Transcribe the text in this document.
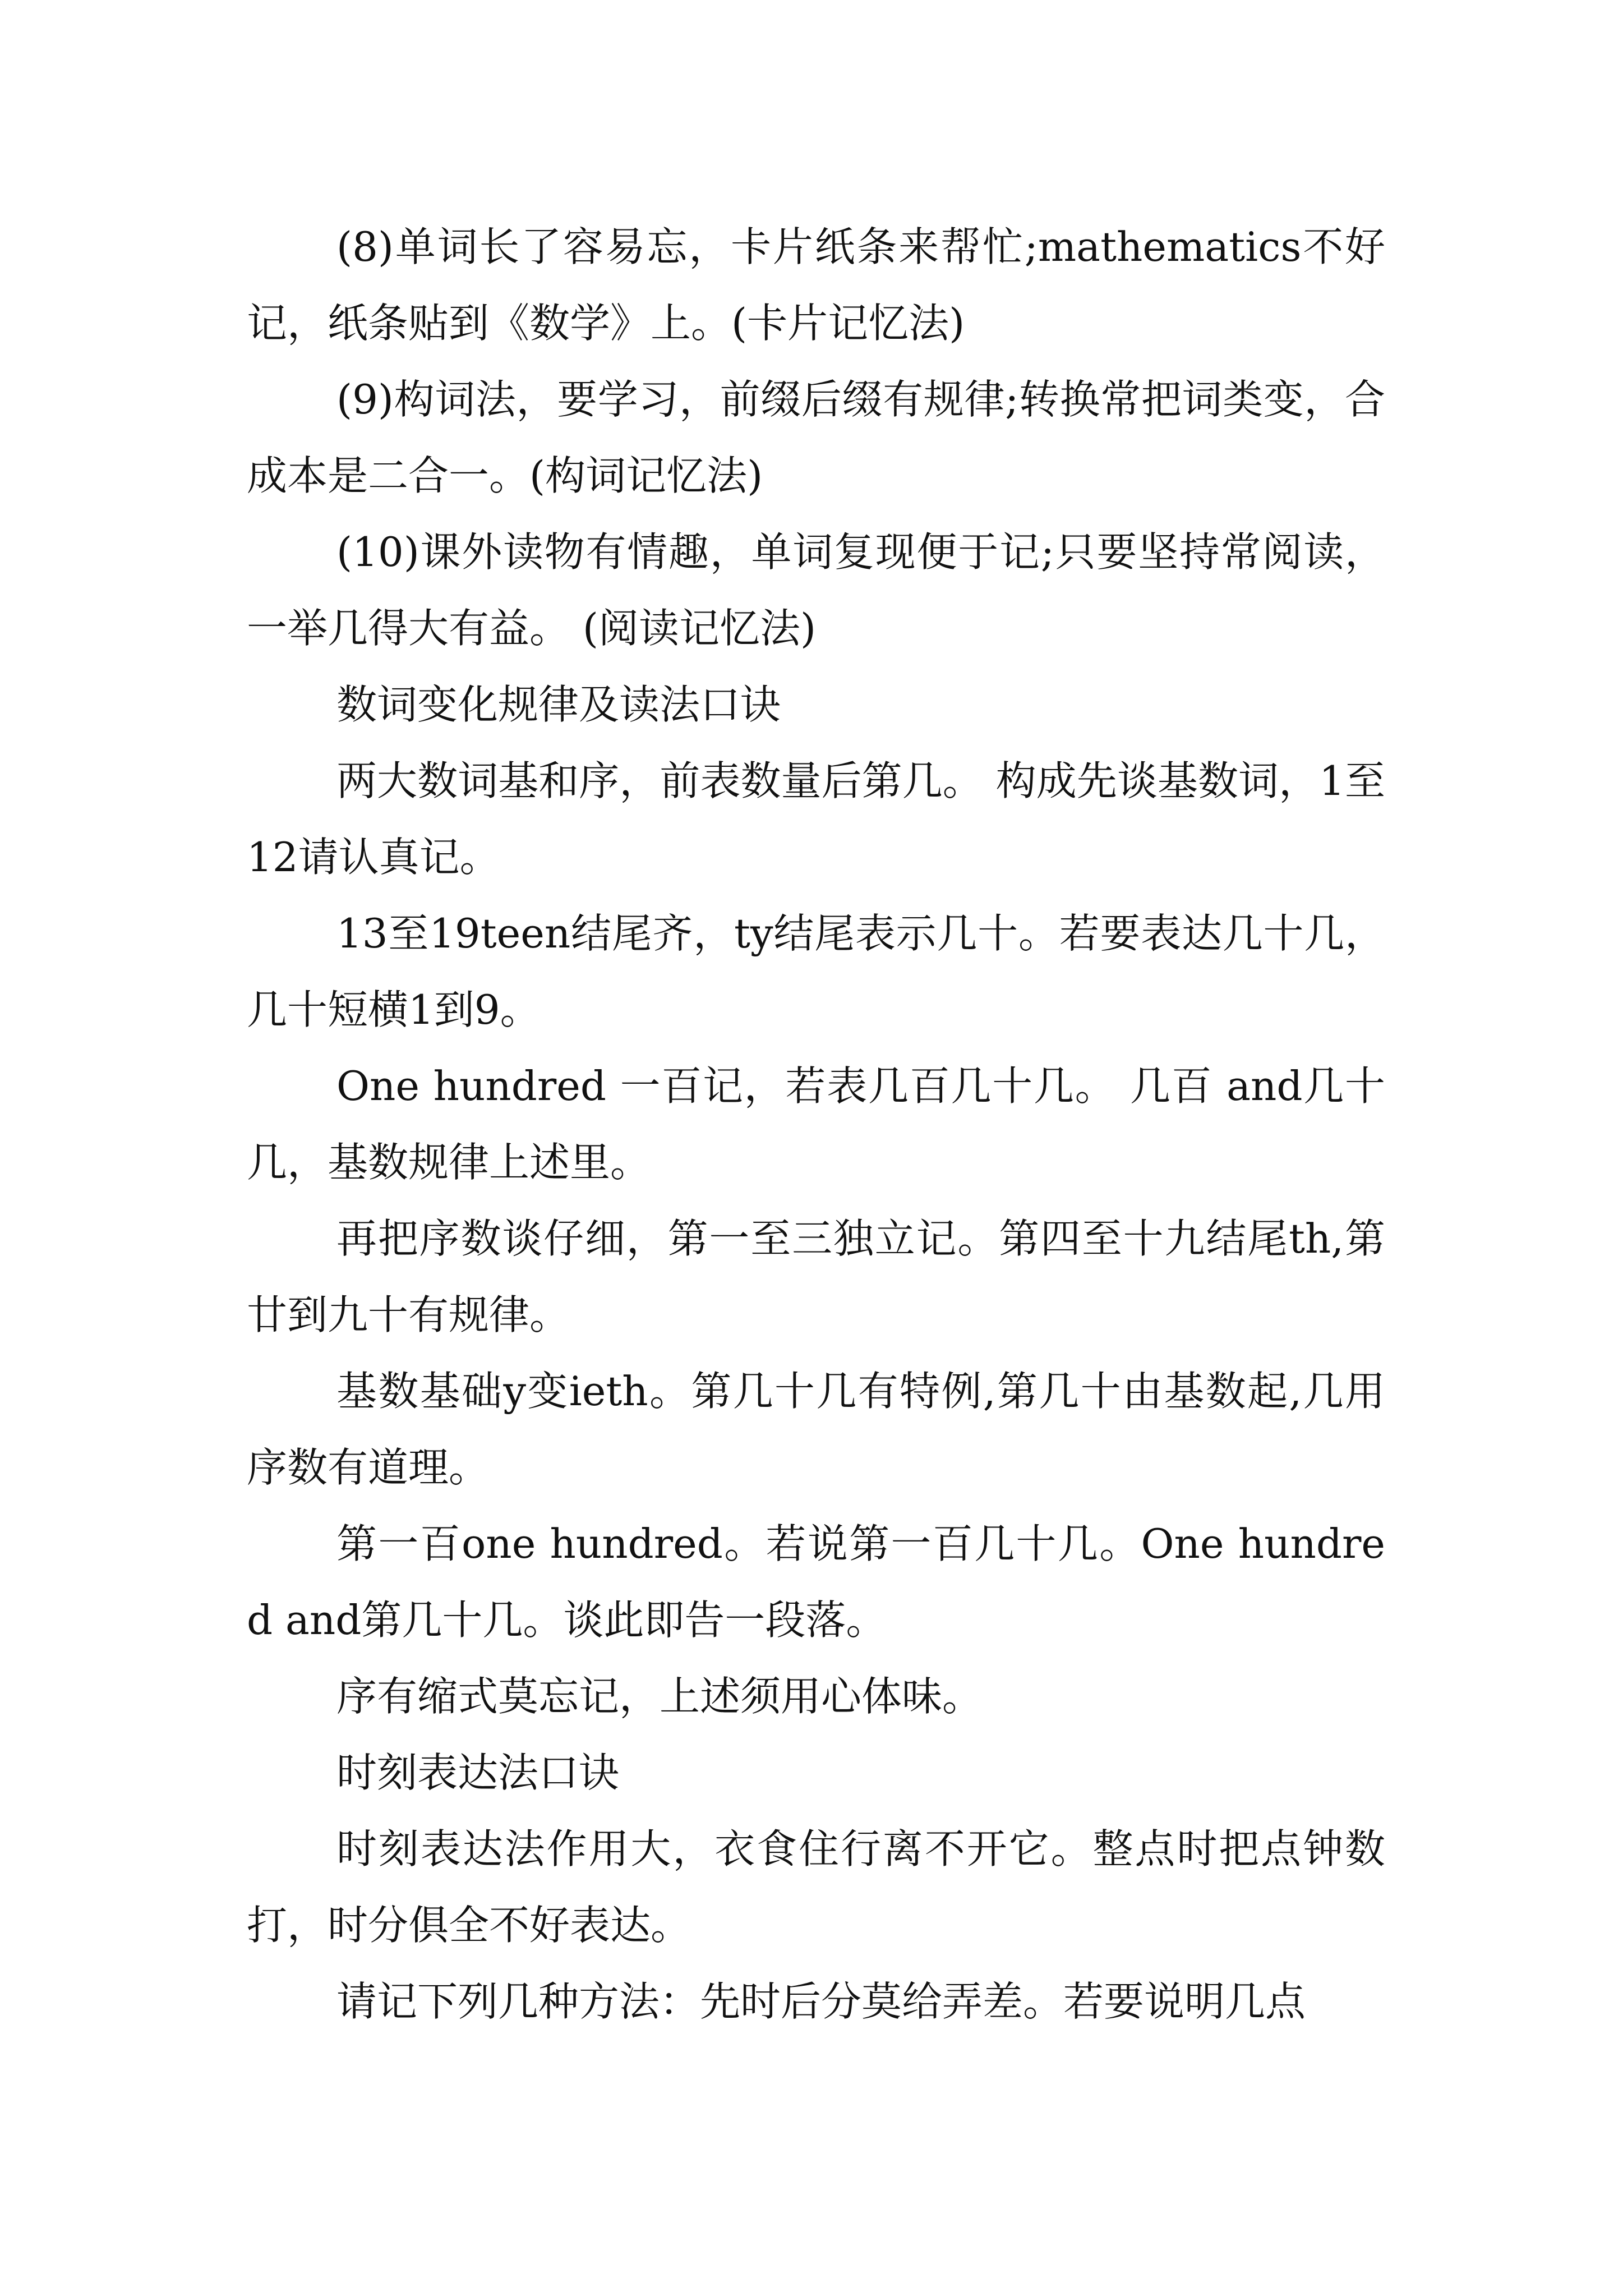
(8)单词长了容易忘，卡片纸条来帮忙;mathematics不好记，纸条贴到《数学》上。(卡片记忆法)

(9)构词法，要学习，前缀后缀有规律;转换常把词类变，合成本是二合一。(构词记忆法)

(10)课外读物有情趣，单词复现便于记;只要坚持常阅读，一举几得大有益。 (阅读记忆法)

数词变化规律及读法口诀

两大数词基和序，前表数量后第几。 构成先谈基数词，1至12请认真记。

13至19teen结尾齐，ty结尾表示几十。若要表达几十几，几十短横1到9。

One hundred 一百记，若表几百几十几。 几百 and几十几，基数规律上述里。

再把序数谈仔细，第一至三独立记。第四至十九结尾th,第廿到九十有规律。

基数基础y变ieth。第几十几有特例,第几十由基数起,几用序数有道理。

第一百one hundred。若说第一百几十几。One hundred and第几十几。谈此即告一段落。

序有缩式莫忘记，上述须用心体味。

时刻表达法口诀

时刻表达法作用大，衣食住行离不开它。整点时把点钟数打，时分俱全不好表达。

请记下列几种方法：先时后分莫给弄差。若要说明几点
